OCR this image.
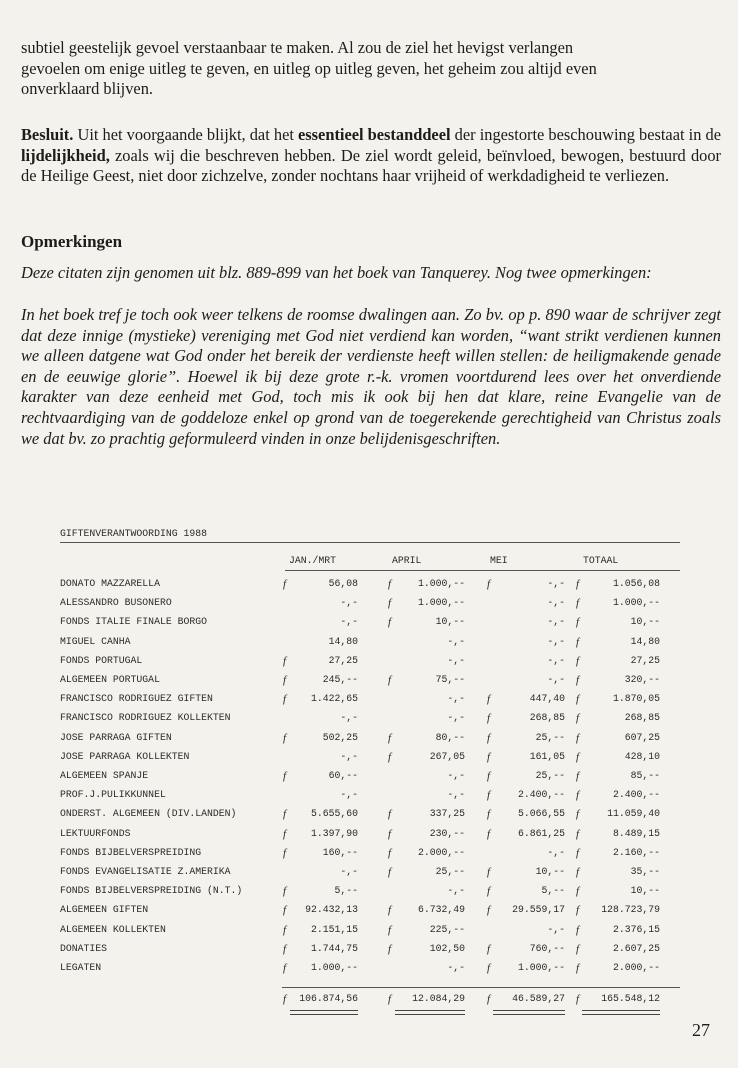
subtiel geestelijk gevoel verstaanbaar te maken. Al zou de ziel het hevigst verlangen
gevoelen om enige uitleg te geven, en uitleg op uitleg geven, het geheim zou altijd even
onverklaard blijven.
Besluit. Uit het voorgaande blijkt, dat het essentieel bestanddeel der ingestorte beschouwing bestaat in de lijdelijkheid, zoals wij die beschreven hebben. De ziel wordt geleid, beïnvloed, bewogen, bestuurd door de Heilige Geest, niet door zichzelve, zonder nochtans haar vrijheid of werkdadigheid te verliezen.
Opmerkingen
Deze citaten zijn genomen uit blz. 889-899 van het boek van Tanquerey. Nog twee opmerkingen:
In het boek tref je toch ook weer telkens de roomse dwalingen aan. Zo bv. op p. 890 waar de schrijver zegt dat deze innige (mystieke) vereniging met God niet verdiend kan worden, “want strikt verdienen kunnen we alleen datgene wat God onder het bereik der verdienste heeft willen stellen: de heiligmakende genade en de eeuwige glorie”. Hoewel ik bij deze grote r.-k. vromen voortdurend lees over het onverdiende karakter van deze eenheid met God, toch mis ik ook bij hen dat klare, reine Evangelie van de rechtvaardiging van de goddeloze enkel op grond van de toegerekende gerechtigheid van Christus zoals we dat bv. zo prachtig geformuleerd vinden in onze belijdenisgeschriften.
GIFTENVERANTWOORDING 1988
JAN./MRT	APRIL	MEI	TOTAAL
DONATO MAZZARELLA	f	56,08	f	1.000,-- f	-,- f	1.056,08
ALESSANDRO BUSONERO	-,-	f	1.000,--	-,- f	1.000,--
FONDS ITALIE FINALE BORGO	-,-	f	10,--	-,- f	10,--
MIGUEL CANHA	14,80	-,-	-,- f	14,80
FONDS PORTUGAL	f	27,25	-,-	-,- f	27,25
ALGEMEEN PORTUGAL	f	245,--	f	75,--	-,- f	320,--
FRANCISCO RODRIGUEZ GIFTEN	f	1.422,65	-,- f	447,40 f	1.870,05
FRANCISCO RODRIGUEZ KOLLEKTEN	-,-	-,- f	268,85 f	268,85
JOSE PARRAGA GIFTEN	f	502,25	f	80,-- f	25,-- f	607,25
JOSE PARRAGA KOLLEKTEN	-,-	f	267,05 f	161,05 f	428,10
ALGEMEEN SPANJE	f	60,--	-,- f	25,-- f	85,--
PROF.J.PULIKKUNNEL	-,-	-,- f	2.400,-- f	2.400,--
ONDERST. ALGEMEEN (DIV.LANDEN)	f	5.655,60	f	337,25 f	5.066,55 f	11.059,40
LEKTUURFONDS	f	1.397,90	f	230,-- f	6.861,25 f	8.489,15
FONDS BIJBELVERSPREIDING	f	160,--	f	2.000,--	-,- f	2.160,--
FONDS EVANGELISATIE Z.AMERIKA	-,-	f	25,-- f	10,-- f	35,--
FONDS BIJBELVERSPREIDING (N.T.)	f	5,--	-,- f	5,-- f	10,--
ALGEMEEN GIFTEN	f 92.432,13	f	6.732,49 f 29.559,17 f 128.723,79
ALGEMEEN KOLLEKTEN	f	2.151,15	f	225,--	-,- f	2.376,15
DONATIES	f	1.744,75	f	102,50 f	760,-- f	2.607,25
LEGATEN	f	1.000,--	-,- f	1.000,-- f	2.000,--
f 106.874,56	f 12.084,29 f 46.589,27 f 165.548,12
27
